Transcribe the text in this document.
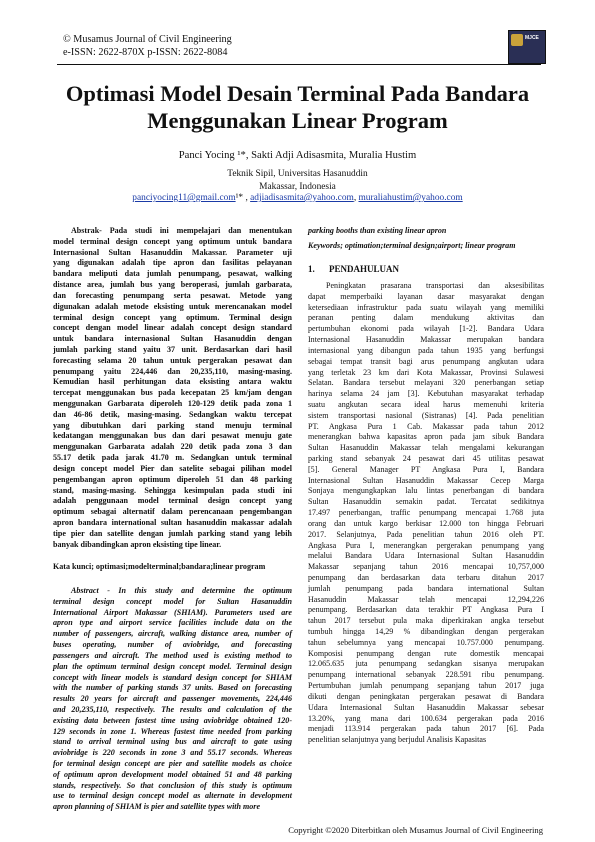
© Musamus Journal of Civil Engineering
e-ISSN: 2622-870X p-ISSN: 2622-8084
MJCE
Optimasi Model Desain Terminal Pada Bandara
Menggunakan Linear Program
Panci Yocing ¹*, Sakti Adji Adisasmita, Muralia Hustim
Teknik Sipil, Universitas Hasanuddin
Makassar, Indonesia
panciyocing11@gmail.com¹* , adjiadisasmita@yahoo.com, muraliahustim@yahoo.com
Abstrak- Pada studi ini mempelajari dan menentukan
model terminal design concept yang optimum untuk bandara
Internasional Sultan Hasanuddin Makassar. Parameter uji
yang digunakan adalah tipe apron dan fasilitas pelayanan
bandara meliputi data jumlah penumpang, pesawat, walking
distance area, jumlah bus yang beroperasi, jumlah garbarata,
dan forecasting penumpang serta pesawat. Metode yang
digunakan adalah metode eksisting untuk merencanakan model
terminal design concept yang optimum. Terminal design
concept dengan model linear adalah concept design standard
untuk bandara internasional Sultan Hasanuddin dengan
jumlah parking stand yaitu 37 unit. Berdasarkan dari hasil
forecasting selama 20 tahun untuk pergerakan pesawat dan
penumpang yaitu 224,446 dan 20,235,110, masing-masing.
Kemudian hasil perhitungan data eksisting antara waktu
tercepat menggunakan bus pada kecepatan 25 km/jam dengan
menggunakan Garbarata diperoleh 120-129 detik pada zona 1
dan 46-86 detik, masing-masing. Sedangkan waktu tercepat
yang dibutuhkan dari parking stand menuju terminal
kedatangan menggunakan bus dan dari pesawat menuju gate
menggunakan Garbarata adalah 220 detik pada zona 3 dan
55.17 detik pada jarak 41.70 m. Sedangkan untuk terminal
design concept model Pier dan satelite sebagai pilihan model
pengembangan apron optimum diperoleh 51 dan 48 parking
stand, masing-masing. Sehingga kesimpulan pada studi ini
adalah penggunaan model terminal design concept yang
optimum sebagai alternatif dalam perencanaan pengembangan
apron bandara international sultan hasanuddin makassar adalah
tipe pier dan satellite dengan jumlah parking stand yang lebih
banyak dibandingkan apron eksisting tipe linear.
Kata kunci; optimasi;modelterminal;bandara;linear program
Abstract - In this study and determine the optimum
terminal design concept model for Sultan Hasanuddin
International Airport Makassar (SHIAM). Parameters used are
apron type and airport service facilities include data on the
number of passengers, aircraft, walking distance area, number of
buses operating, number of aviobridge, and forecasting
passengers and aircraft. The method used is existing method to
plan the optimum terminal design concept model. Terminal design
concept with linear models is standard design concept for SHIAM
with the number of parking stands 37 units. Based on forecasting
results 20 years for aircraft and passenger movements, 224,446
and 20,235,110, respectively. The results and calculation of the
existing data between fastest time using aviobridge obtained 120-
129 seconds in zone 1. Whereas fastest time needed from parking
stand to arrival terminal using bus and aircraft to gate using
aviobridge is 220 seconds in zone 3 and 55.17 seconds. Whereas
for terminal design concept are pier and satellite models as choice
of optimum apron development model obtained 51 and 48 parking
stands, respectively. So that conclusion of this study is optimum
use to terminal design concept model as alternate in development
apron planning of SHIAM is pier and satellite types with more
parking booths than existing linear apron
Keywords; optimation;terminal design;airport; linear program
1. PENDAHULUAN
Peningkatan prasarana transportasi dan aksesibilitas
dapat memperbaiki layanan dasar masyarakat dengan
ketersediaan infrastruktur pada suatu wilayah yang memiliki
peranan penting dalam mendukung aktivitas dan
pertumbuhan ekonomi pada wilayah [1-2]. Bandara Udara
Internasional Hasanuddin Makassar merupakan bandara
internasional yang dibangun pada tahun 1935 yang berfungsi
sebagai tempat transit bagi arus penumpang angkutan udara
yang terletak 23 km dari Kota Makassar, Provinsi Sulawesi
Selatan. Bandara tersebut melayani 320 penerbangan setiap
harinya selama 24 jam [3]. Kebutuhan masyarakat terhadap
suatu angkutan secara ideal harus memenuhi kriteria
sistem transportasi nasional (Sistranas) [4]. Pada penelitian
PT. Angkasa Pura 1 Cab. Makassar pada tahun 2012
menerangkan bahwa kapasitas apron pada jam sibuk Bandara
Sultan Hasanuddin Makassar telah mengalami kekurangan
parking stand sebanyak 24 pesawat dari 45 utilitas pesawat
[5]. General Manager PT Angkasa Pura I, Bandara
Internasional Sultan Hasanuddin Makassar Cecep Marga
Sonjaya mengungkapkan lalu lintas penerbangan di bandara
Sultan Hasanuddin semakin padat. Tercatat sedikitnya
17.497 penerbangan, traffic penumpang mencapai 1.768 juta
orang dan untuk kargo berkisar 12.000 ton hingga Februari
2017. Selanjutnya, Pada penelitian tahun 2016 oleh PT.
Angkasa Pura I, menerangkan pergerakan penumpang yang
melalui Bandara Udara Internasional Sultan Hasanuddin
Makassar sepanjang tahun 2016 mencapai 10,757,000
penumpang dan berdasarkan data terbaru ditahun 2017
jumlah penumpang pada bandara international Sultan
Hasanuddin Makassar telah mencapai 12,294,226
penumpang. Berdasarkan data terakhir PT Angkasa Pura I
tahun 2017 tersebut pula maka diperkirakan angka tersebut
tumbuh hingga 14,29 % dibandingkan dengan pergerakan
tahun sebelumnya yang mencapai 10.757.000 penumpang.
Komposisi penumpang dengan rute domestik mencapai
12.065.635 juta penumpang sedangkan sisanya merupakan
penumpang international sebanyak 228.591 ribu penumpang.
Pertumbuhan jumlah penumpang sepanjang tahun 2017 juga
dikuti dengan peningkatan pergerakan pesawat di Bandara
Udara Internasional Sultan Hasanuddin Makassar sebesar
13.20%, yang mana dari 100.634 pergerakan pada 2016
menjadi 113.914 pergerakan pada tahun 2017 [6]. Pada
penelitian selanjutnya yang berjudul Analisis Kapasitas
Copyright ©2020 Diterbitkan oleh Musamus Journal of Civil Engineering
